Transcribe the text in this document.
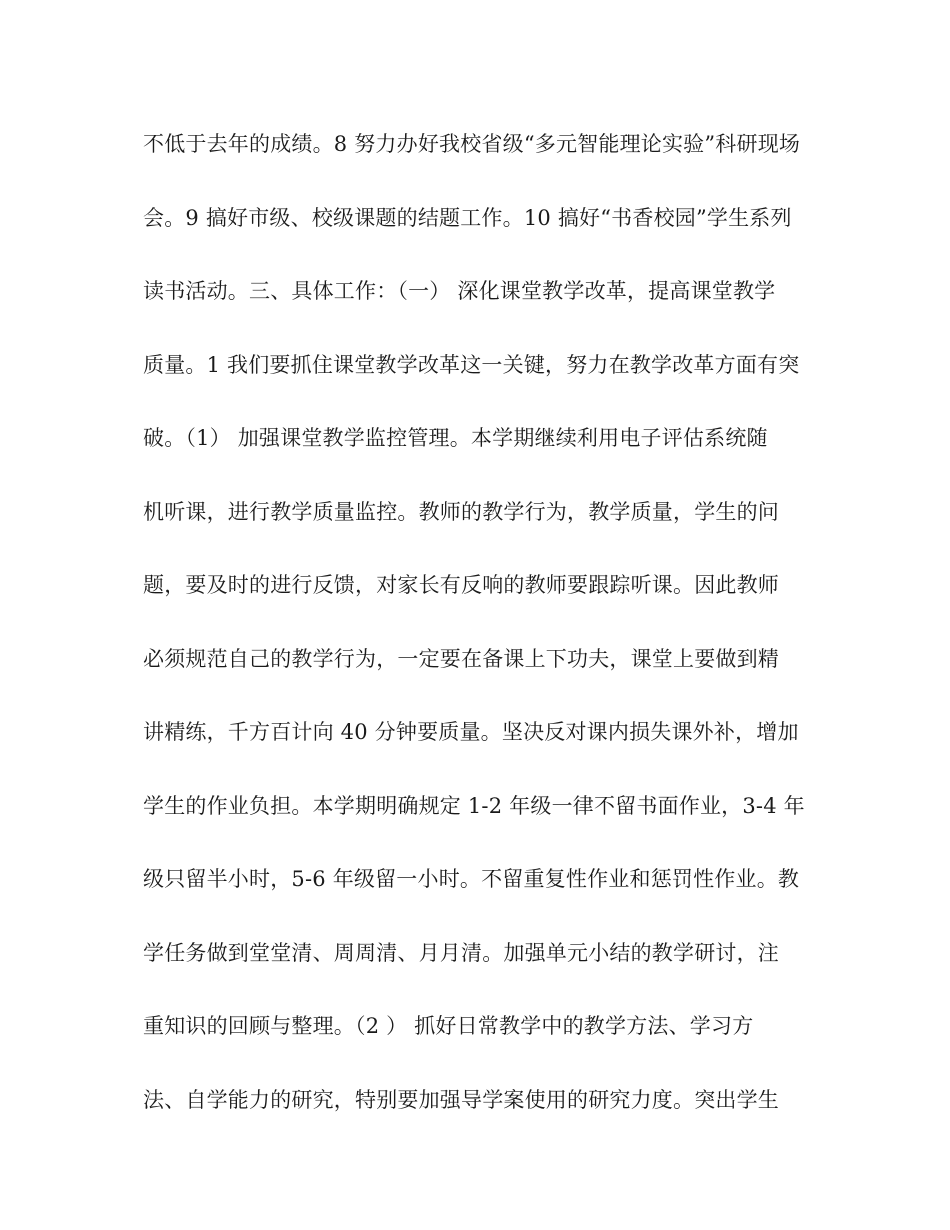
不低于去年的成绩。8 努力办好我校省级“多元智能理论实验”科研现场
会。9 搞好市级、校级课题的结题工作。10 搞好“书香校园”学生系列
读书活动。三、具体工作：（一） 深化课堂教学改革，提高课堂教学
质量。1 我们要抓住课堂教学改革这一关键，努力在教学改革方面有突
破。（1） 加强课堂教学监控管理。本学期继续利用电子评估系统随
机听课，进行教学质量监控。教师的教学行为，教学质量，学生的问
题，要及时的进行反馈，对家长有反响的教师要跟踪听课。因此教师
必须规范自己的教学行为，一定要在备课上下功夫，课堂上要做到精
讲精练，千方百计向 40 分钟要质量。坚决反对课内损失课外补，增加
学生的作业负担。本学期明确规定 1-2 年级一律不留书面作业，3-4 年
级只留半小时，5-6 年级留一小时。不留重复性作业和惩罚性作业。教
学任务做到堂堂清、周周清、月月清。加强单元小结的教学研讨，注
重知识的回顾与整理。（2 ） 抓好日常教学中的教学方法、学习方
法、自学能力的研究，特别要加强导学案使用的研究力度。突出学生
